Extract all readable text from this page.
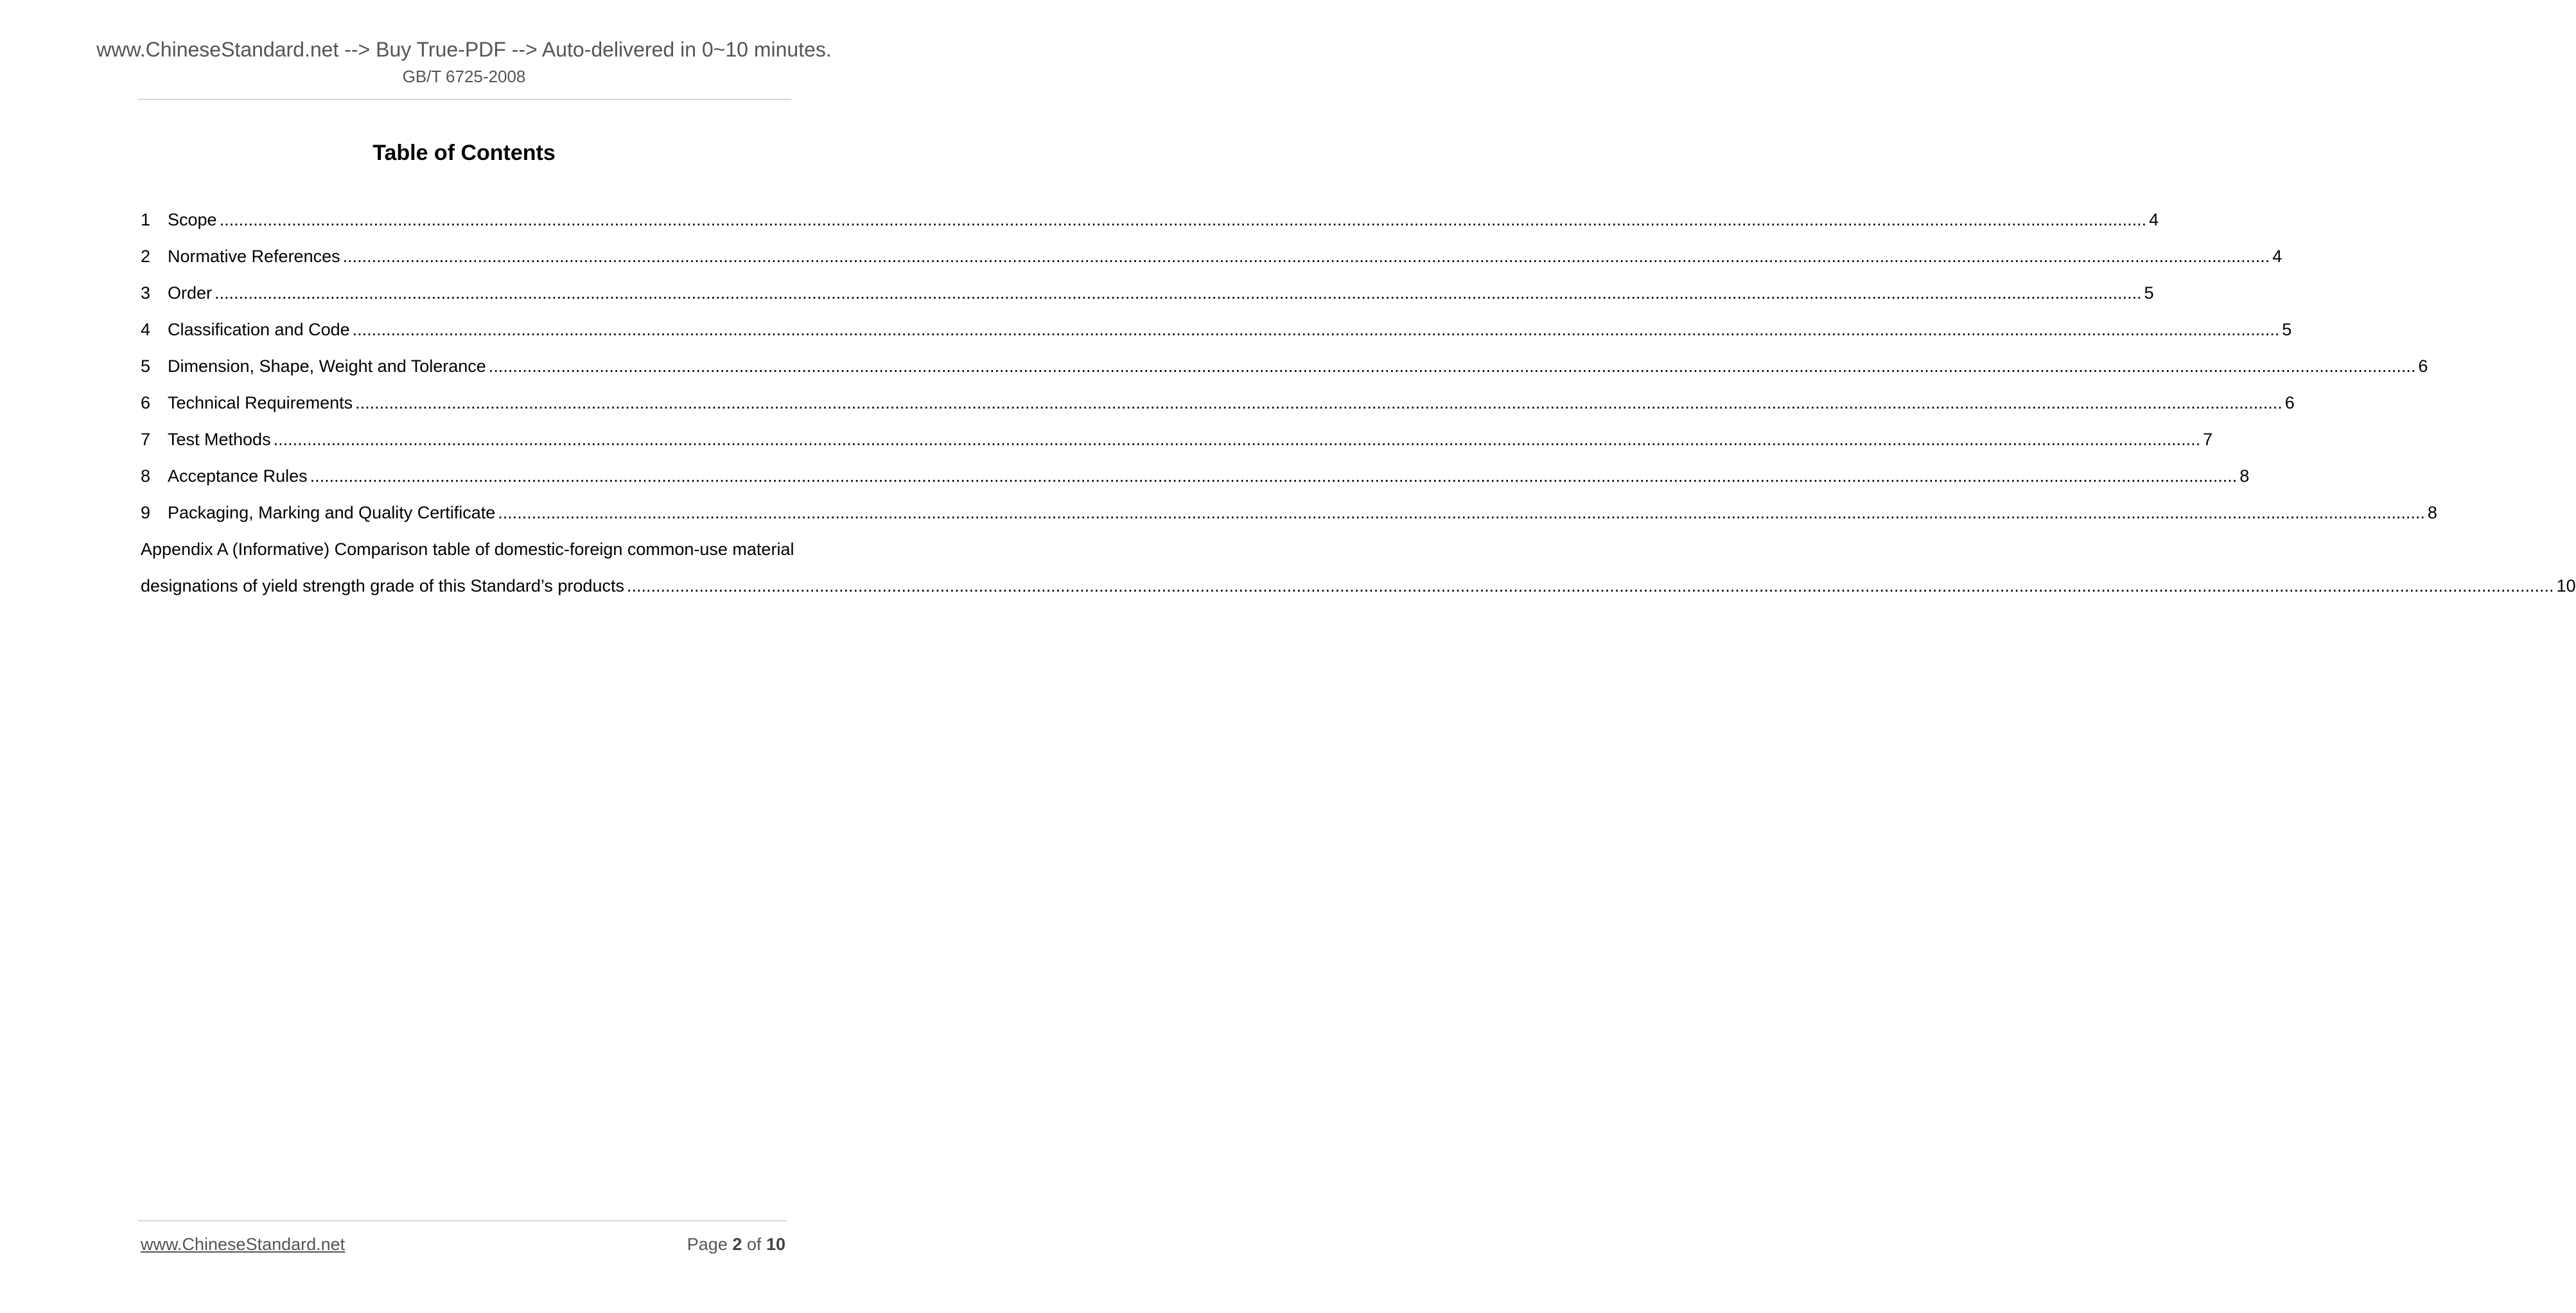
www.ChineseStandard.net --> Buy True-PDF --> Auto-delivered in 0~10 minutes.
GB/T 6725-2008
Table of Contents
1 Scope ................................................................................................................................................................................................................................................................................................................................................................................................................ 4
2 Normative References ................................................................................................................................................................................................................................................................................................................................................................................................................ 4
3 Order ................................................................................................................................................................................................................................................................................................................................................................................................................ 5
4 Classification and Code ................................................................................................................................................................................................................................................................................................................................................................................................................ 5
5 Dimension, Shape, Weight and Tolerance ................................................................................................................................................................................................................................................................................................................................................................................................................ 6
6 Technical Requirements ................................................................................................................................................................................................................................................................................................................................................................................................................ 6
7 Test Methods ................................................................................................................................................................................................................................................................................................................................................................................................................ 7
8 Acceptance Rules ................................................................................................................................................................................................................................................................................................................................................................................................................ 8
9 Packaging, Marking and Quality Certificate ................................................................................................................................................................................................................................................................................................................................................................................................................ 8
Appendix A (Informative) Comparison table of domestic-foreign common-use material
designations of yield strength grade of this Standard’s products ................................................................................................................................................................................................................................................................................................................................................................................................................ 10
www.ChineseStandard.net	Page 2 of 10
